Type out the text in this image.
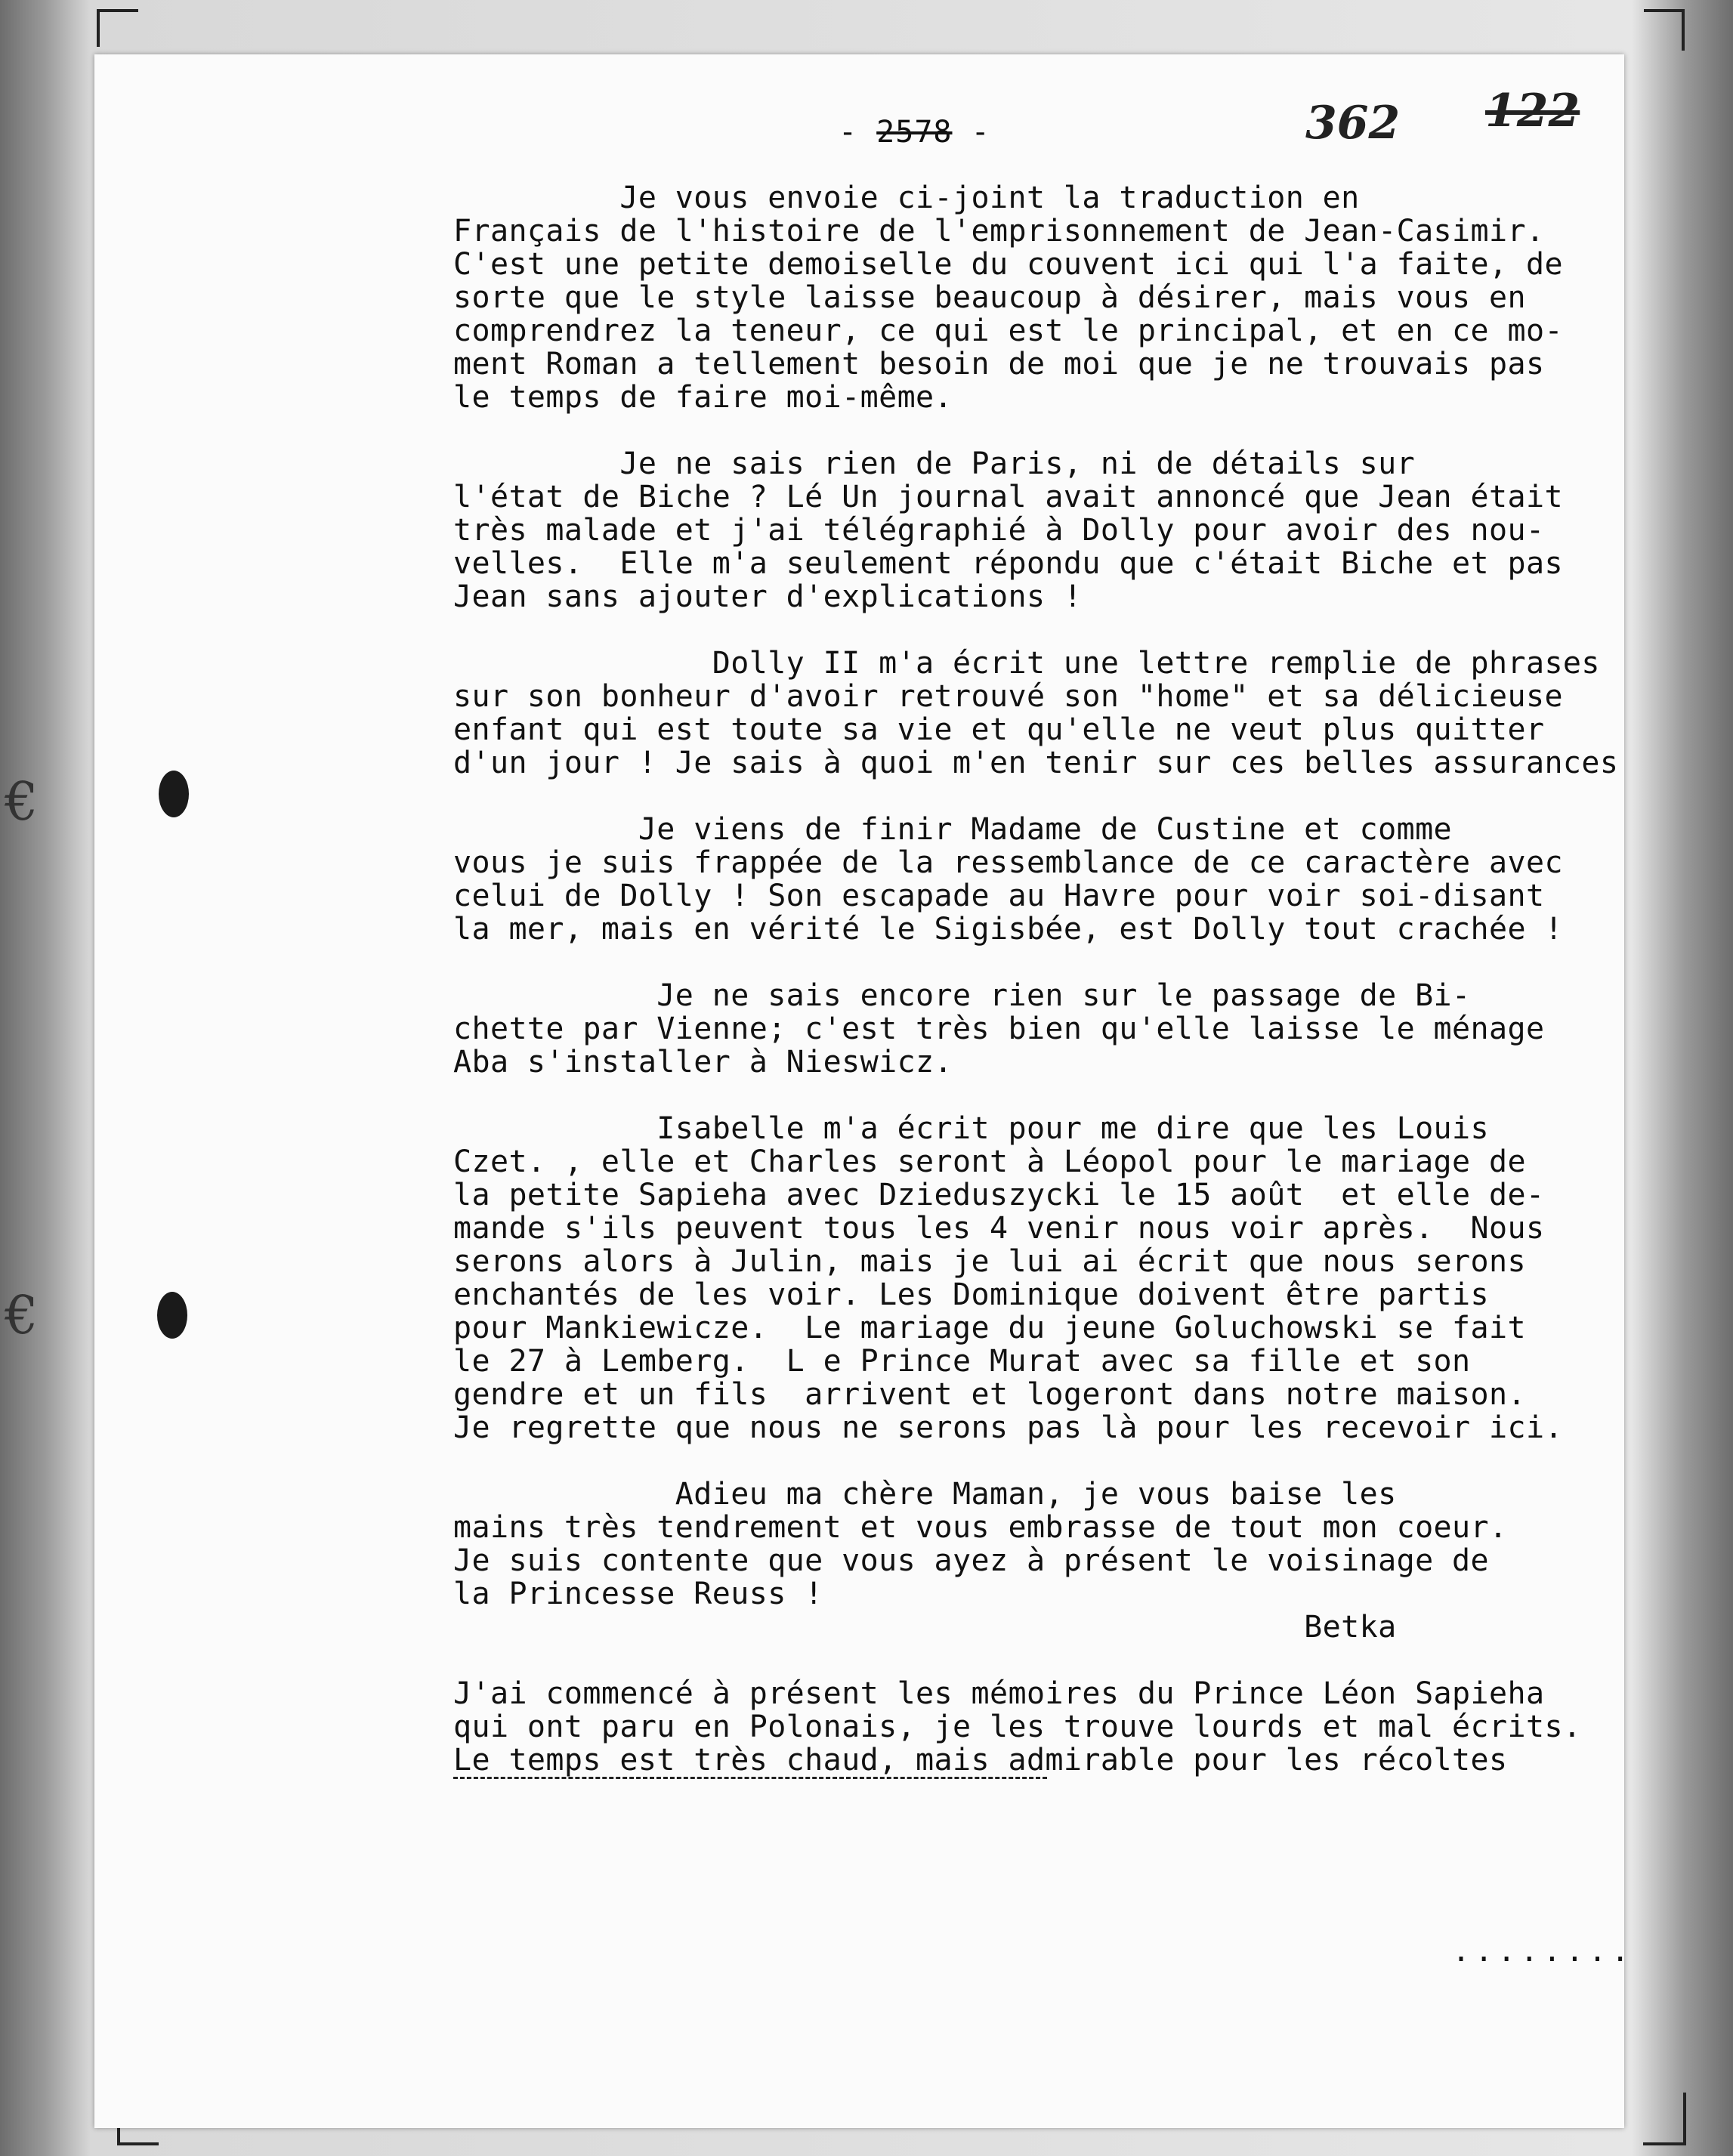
€
€
- 2578 -	362 122
Je vous envoie ci-joint la traduction en
Français de l'histoire de l'emprisonnement de Jean-Casimir.
C'est une petite demoiselle du couvent ici qui l'a faite, de
sorte que le style laisse beaucoup à désirer, mais vous en
comprendrez la teneur, ce qui est le principal, et en ce mo-
ment Roman a tellement besoin de moi que je ne trouvais pas
le temps de faire moi-même.
Je ne sais rien de Paris, ni de détails sur
l'état de Biche ? Lé Un journal avait annoncé que Jean était
très malade et j'ai télégraphié à Dolly pour avoir des nou-
velles.  Elle m'a seulement répondu que c'était Biche et pas
Jean sans ajouter d'explications !
Dolly II m'a écrit une lettre remplie de phrases
sur son bonheur d'avoir retrouvé son "home" et sa délicieuse
enfant qui est toute sa vie et qu'elle ne veut plus quitter
d'un jour ! Je sais à quoi m'en tenir sur ces belles assurances
Je viens de finir Madame de Custine et comme
vous je suis frappée de la ressemblance de ce caractère avec
celui de Dolly ! Son escapade au Havre pour voir soi-disant
la mer, mais en vérité le Sigisbée, est Dolly tout crachée !
Je ne sais encore rien sur le passage de Bi-
chette par Vienne; c'est très bien qu'elle laisse le ménage
Aba s'installer à Nieswicz.
Isabelle m'a écrit pour me dire que les Louis
Czet. , elle et Charles seront à Léopol pour le mariage de
la petite Sapieha avec Dzieduszycki le 15 août  et elle de-
mande s'ils peuvent tous les 4 venir nous voir après.  Nous
serons alors à Julin, mais je lui ai écrit que nous serons
enchantés de les voir. Les Dominique doivent être partis
pour Mankiewicze.  Le mariage du jeune Goluchowski se fait
le 27 à Lemberg.  L e Prince Murat avec sa fille et son
gendre et un fils  arrivent et logeront dans notre maison.
Je regrette que nous ne serons pas là pour les recevoir ici.
Adieu ma chère Maman, je vous baise les
mains très tendrement et vous embrasse de tout mon coeur.
Je suis contente que vous ayez à présent le voisinage de
la Princesse Reuss !
Betka
J'ai commencé à présent les mémoires du Prince Léon Sapieha
qui ont paru en Polonais, je les trouve lourds et mal écrits.
Le temps est très chaud, mais admirable pour les récoltes
........
